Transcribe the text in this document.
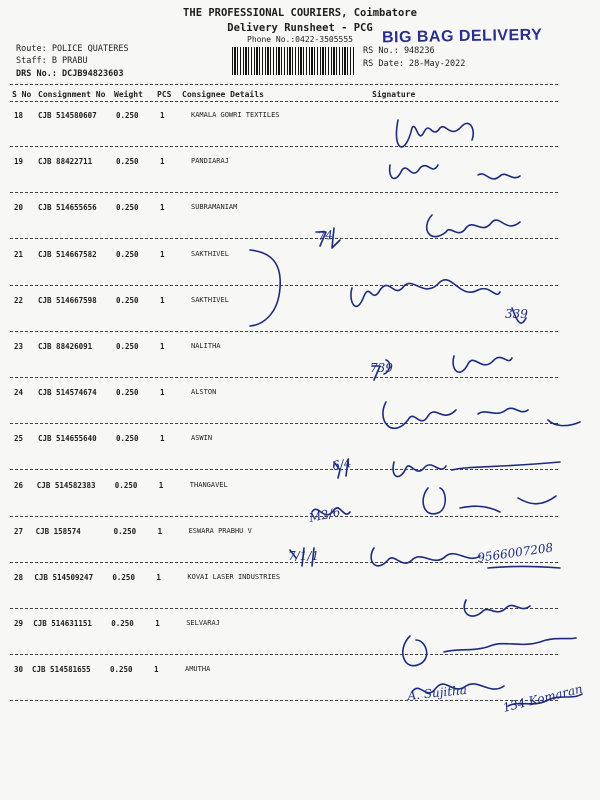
THE PROFESSIONAL COURIERS, Coimbatore
Delivery Runsheet - PCG
Phone No.:0422-3505555	BIG BAG DELIVERY
Route: POLICE QUATERES
Staff: B PRABU
DRS No.: DCJB94823603
RS No.: 948236
RS Date: 28-May-2022
S No Consignment No Weight PCS Consignee Details	Signature
18 CJB 514580607	0.250	1	KAMALA GOWRI TEXTILES
19 CJB 88422711	0.250	1	PANDIARAJ
20 CJB 514655656	0.250	1	SUBRAMANIAM
21 CJB 514667582	0.250	1	SAKTHIVEL
22 CJB 514667598	0.250	1	SAKTHIVEL
23 CJB 88426091	0.250	1	NALITHA
24 CJB 514574674	0.250	1	ALSTON
25 CJB 514655640	0.250	1	ASWIN
26 CJB 514582383	0.250	1	THANGAVEL
27 CJB 158574	0.250	1	ESWARA PRABHU V
28 CJB 514509247	0.250	1	KOVAI LASER INDUSTRIES
29 CJB 514631151	0.250	1	SELVARAJ
30 CJB 514581655	0.250	1	AMUTHA
74
339
739
6/4
M2/6
7/1/1	9566007208
A. Sujitha	134 Komaran
